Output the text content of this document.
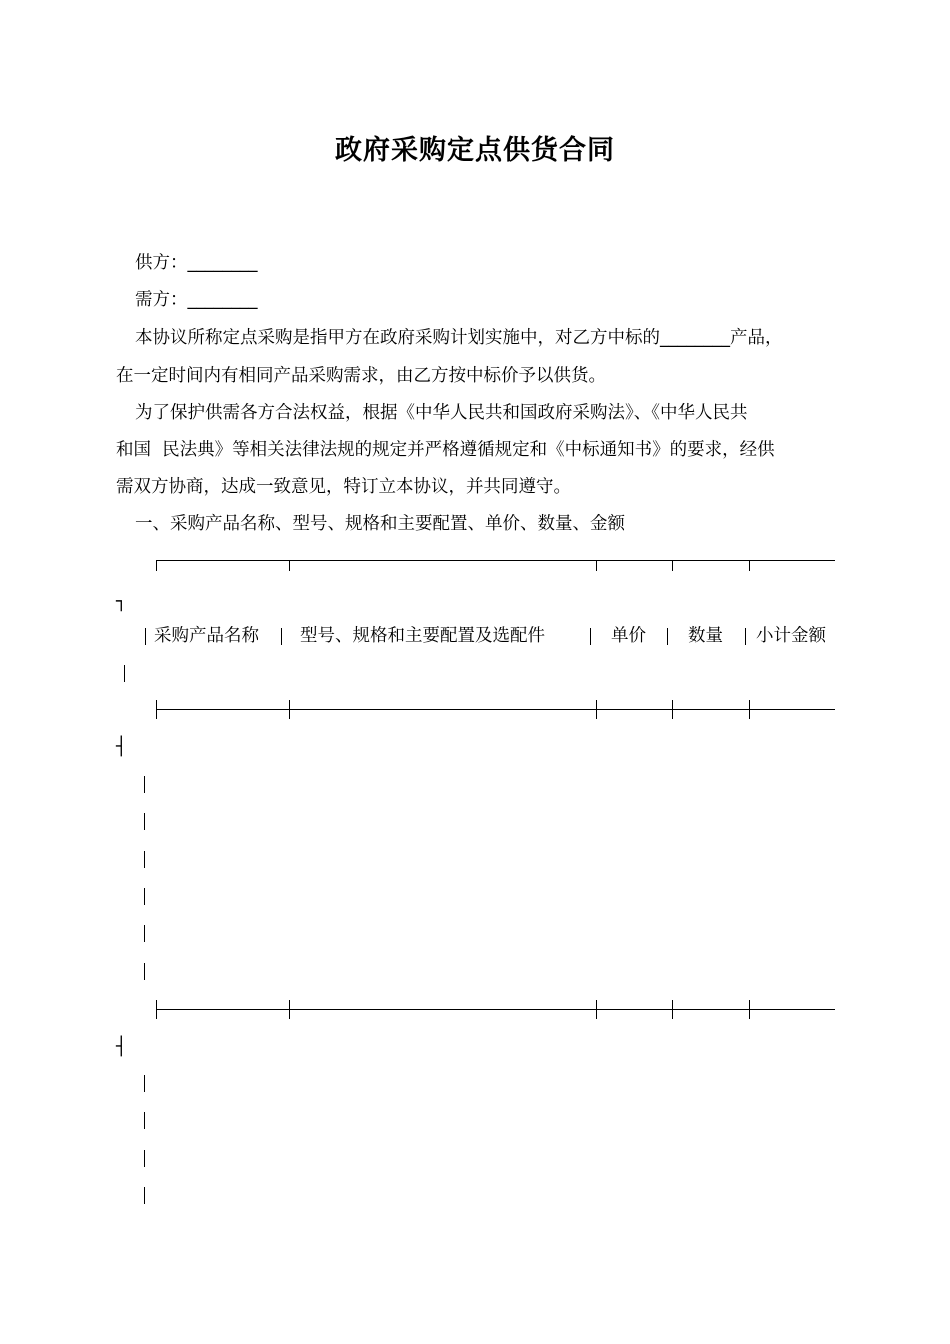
政府采购定点供货合同
供方：________
需方：________
本协议所称定点采购是指甲方在政府采购计划实施中，对乙方中标的________产品，
在一定时间内有相同产品采购需求，由乙方按中标价予以供货。
为了保护供需各方合法权益，根据《中华人民共和国政府采购法》、《中华人民共
和国  民法典》等相关法律法规的规定并严格遵循规定和《中标通知书》的要求，经供
需双方协商，达成一致意见，特订立本协议，并共同遵守。
一、采购产品名称、型号、规格和主要配置、单价、数量、金额
┐
采购产品名称 型号、规格和主要配置及选配件	单价 数量 小计金额
┤
┤
